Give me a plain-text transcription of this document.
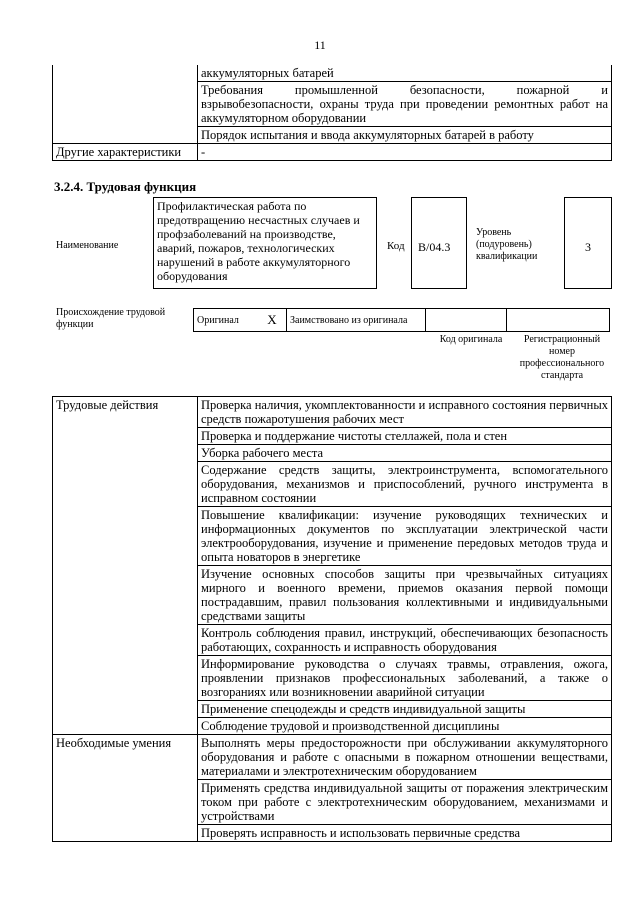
11
	аккумуляторных батарей
	Требования промышленной безопасности, пожарной и взрывобезопасности, охраны труда при проведении ремонтных работ на аккумуляторном оборудовании
	Порядок испытания и ввода аккумуляторных батарей в работу
Другие характеристики	-
3.2.4. Трудовая функция
Наименование
Профилактическая работа по предотвращению несчастных случаев и профзаболеваний на производстве, аварий, пожаров, технологических нарушений в работе аккумуляторного оборудования
Код	B/04.3
Уровень (подуровень) квалификации
3
Происхождение трудовой функции	Оригинал	X	Заимствовано из оригинала		
Код оригинала	Регистрационный номер профессионального стандарта
Трудовые действия	Проверка наличия, укомплектованности и исправного состояния первичных средств пожаротушения рабочих мест
	Проверка и поддержание чистоты стеллажей, пола и стен
	Уборка рабочего места
	Содержание средств защиты, электроинструмента, вспомогательного оборудования, механизмов и приспособлений, ручного инструмента в исправном состоянии
	Повышение квалификации: изучение руководящих технических и информационных документов по эксплуатации электрической части электрооборудования, изучение и применение передовых методов труда и опыта новаторов в энергетике
	Изучение основных способов защиты при чрезвычайных ситуациях мирного и военного времени, приемов оказания первой помощи пострадавшим, правил пользования коллективными и индивидуальными средствами защиты
	Контроль соблюдения правил, инструкций, обеспечивающих безопасность работающих, сохранность и исправность оборудования
	Информирование руководства о случаях травмы, отравления, ожога, проявлении признаков профессиональных заболеваний, а также о возгораниях или возникновении аварийной ситуации
	Применение спецодежды и средств индивидуальной защиты
	Соблюдение трудовой и производственной дисциплины
Необходимые умения	Выполнять меры предосторожности при обслуживании аккумуляторного оборудования и работе с опасными в пожарном отношении веществами, материалами и электротехническим оборудованием
	Применять средства индивидуальной защиты от поражения электрическим током при работе с электротехническим оборудованием, механизмами и устройствами
	Проверять исправность и использовать первичные средства
